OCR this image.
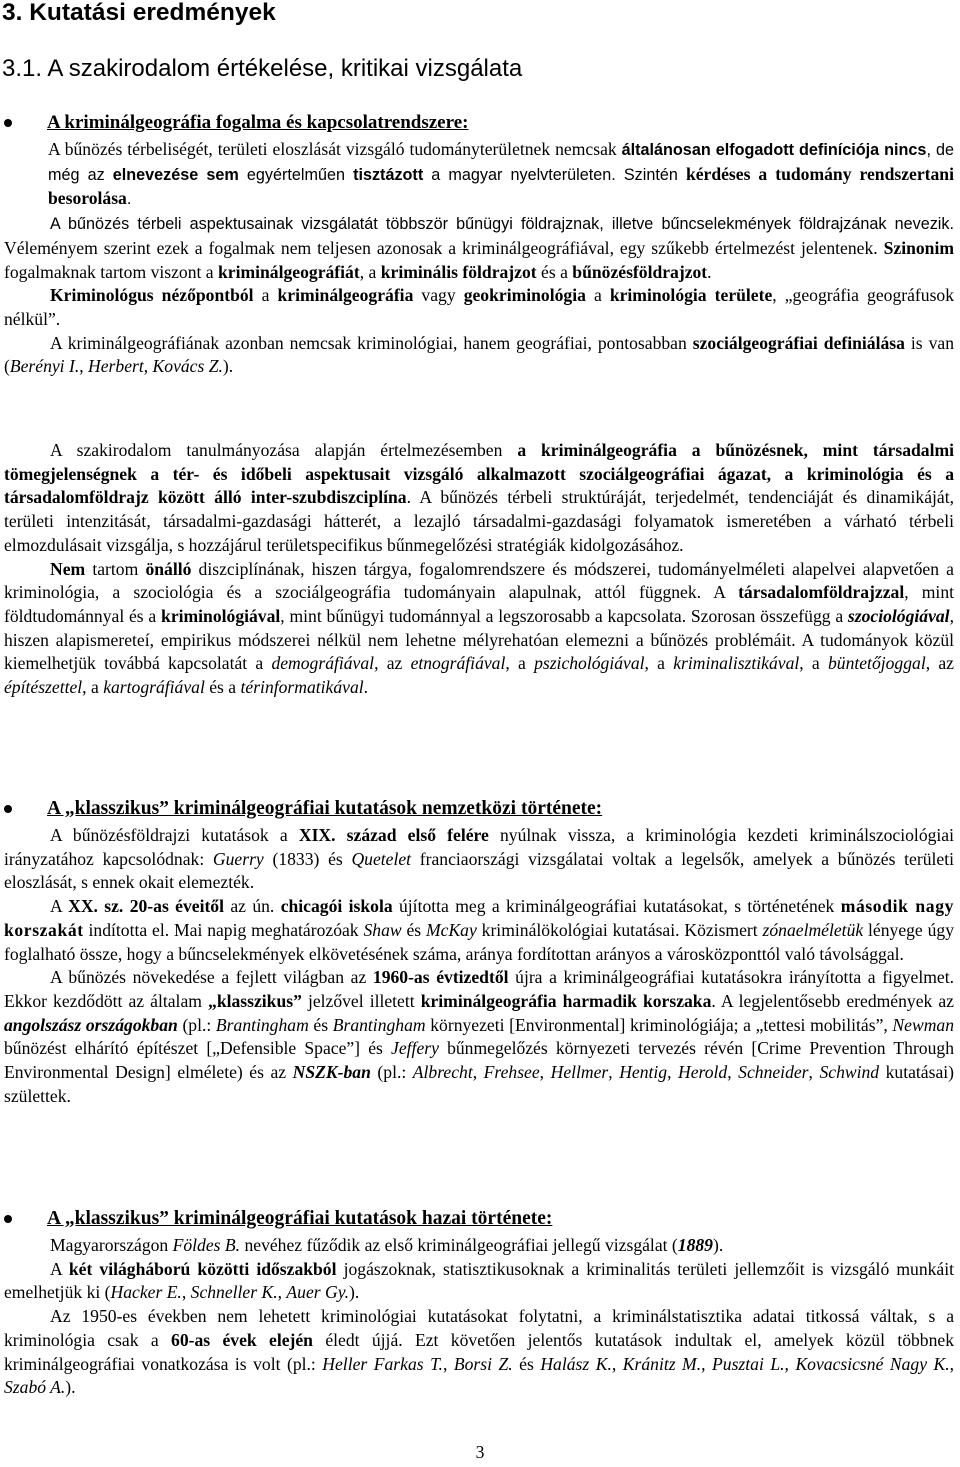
3. Kutatási eredmények
3.1. A szakirodalom értékelése, kritikai vizsgálata
A kriminálgeográfia fogalma és kapcsolatrendszere:

A bűnözés térbeliségét, területi eloszlását vizsgáló tudományterületnek nemcsak általánosan elfogadott definíciója nincs, de még az elnevezése sem egyértelműen tisztázott a magyar nyelvterületen. Szintén kérdéses a tudomány rendszertani besorolása.

A bűnözés térbeli aspektusainak vizsgálatát többször bűnügyi földrajznak, illetve bűncselekmények földrajzának nevezik. Véleményem szerint ezek a fogalmak nem teljesen azonosak a kriminálgeográfiával, egy szűkebb értelmezést jelentenek. Szinonim fogalmaknak tartom viszont a kriminálgeográfiát, a kriminális földrajzot és a bűnözésföldrajzot.

Kriminológus nézőpontból a kriminálgeográfia vagy geokriminológia a kriminológia területe, „geográfia geográfusok nélkül”.

A kriminálgeográfiának azonban nemcsak kriminológiai, hanem geográfiai, pontosabban szociálgeográfiai definiálása is van (Berényi I., Herbert, Kovács Z.).

A szakirodalom tanulmányozása alapján értelmezésemben a kriminálgeográfia a bűnözésnek, mint társadalmi tömegjelenségnek a tér- és időbeli aspektusait vizsgáló alkalmazott szociálgeográfiai ágazat, a kriminológia és a társadalomföldrajz között álló inter-szubdiszciplína. A bűnözés térbeli struktúráját, terjedelmét, tendenciáját és dinamikáját, területi intenzitását, társadalmi-gazdasági hátterét, a lezajló társadalmi-gazdasági folyamatok ismeretében a várható térbeli elmozdulásait vizsgálja, s hozzájárul területspecifikus bűnmegelőzési stratégiák kidolgozásához.

Nem tartom önálló diszciplínának, hiszen tárgya, fogalomrendszere és módszerei, tudományelméleti alapelvei alapvetően a kriminológia, a szociológia és a szociálgeográfia tudományain alapulnak, attól függnek. A társadalomföldrajzzal, mint földtudománnyal és a kriminológiával, mint bűnügyi tudománnyal a legszorosabb a kapcsolata. Szorosan összefügg a szociológiával, hiszen alapismereteí, empirikus módszerei nélkül nem lehetne mélyrehatóan elemezni a bűnözés problémáit. A tudományok közül kiemelhetjük továbbá kapcsolatát a demográfiával, az etnográfiával, a pszichológiával, a kriminalisztikával, a büntetőjoggal, az építészettel, a kartográfiával és a térinformatikával.

A „klasszikus” kriminálgeográfiai kutatások nemzetközi története:

A bűnözésföldrajzi kutatások a XIX. század első felére nyúlnak vissza, a kriminológia kezdeti kriminálszociológiai irányzatához kapcsolódnak: Guerry (1833) és Quetelet franciaországi vizsgálatai voltak a legelsők, amelyek a bűnözés területi eloszlását, s ennek okait elemezték.

A XX. sz. 20-as éveitől az ún. chicagói iskola újította meg a kriminálgeográfiai kutatásokat, s történetének második nagy korszakát indította el. Mai napig meghatározóak Shaw és McKay kriminálökológiai kutatásai. Közismert zónaelméletük lényege úgy foglalható össze, hogy a bűncselekmények elkövetésének száma, aránya fordítottan arányos a városközponttól való távolsággal.

A bűnözés növekedése a fejlett világban az 1960-as évtizedtől újra a kriminálgeográfiai kutatásokra irányította a figyelmet. Ekkor kezdődött az általam „klasszikus” jelzővel illetett kriminálgeográfia harmadik korszaka. A legjelentősebb eredmények az angolszász országokban (pl.: Brantingham és Brantingham környezeti [Environmental] kriminológiája; a „tettesi mobilitás”, Newman bűnözést elhárító építészet [„Defensible Space”] és Jeffery bűnmegelőzés környezeti tervezés révén [Crime Prevention Through Environmental Design] elmélete) és az NSZK-ban (pl.: Albrecht, Frehsee, Hellmer, Hentig, Herold, Schneider, Schwind kutatásai) születtek.

A „klasszikus” kriminálgeográfiai kutatások hazai története:

Magyarországon Földes B. nevéhez fűződik az első kriminálgeográfiai jellegű vizsgálat (1889).

A két világháború közötti időszakból jogászoknak, statisztikusoknak a kriminalitás területi jellemzőit is vizsgáló munkáit emelhetjük ki (Hacker E., Schneller K., Auer Gy.).

Az 1950-es években nem lehetett kriminológiai kutatásokat folytatni, a kriminálstatisztika adatai titkossá váltak, s a kriminológia csak a 60-as évek elején éledt újjá. Ezt követően jelentős kutatások indultak el, amelyek közül többnek kriminálgeográfiai vonatkozása is volt (pl.: Heller Farkas T., Borsi Z. és Halász K., Kránitz M., Pusztai L., Kovacsicsné Nagy K., Szabó A.).

3
